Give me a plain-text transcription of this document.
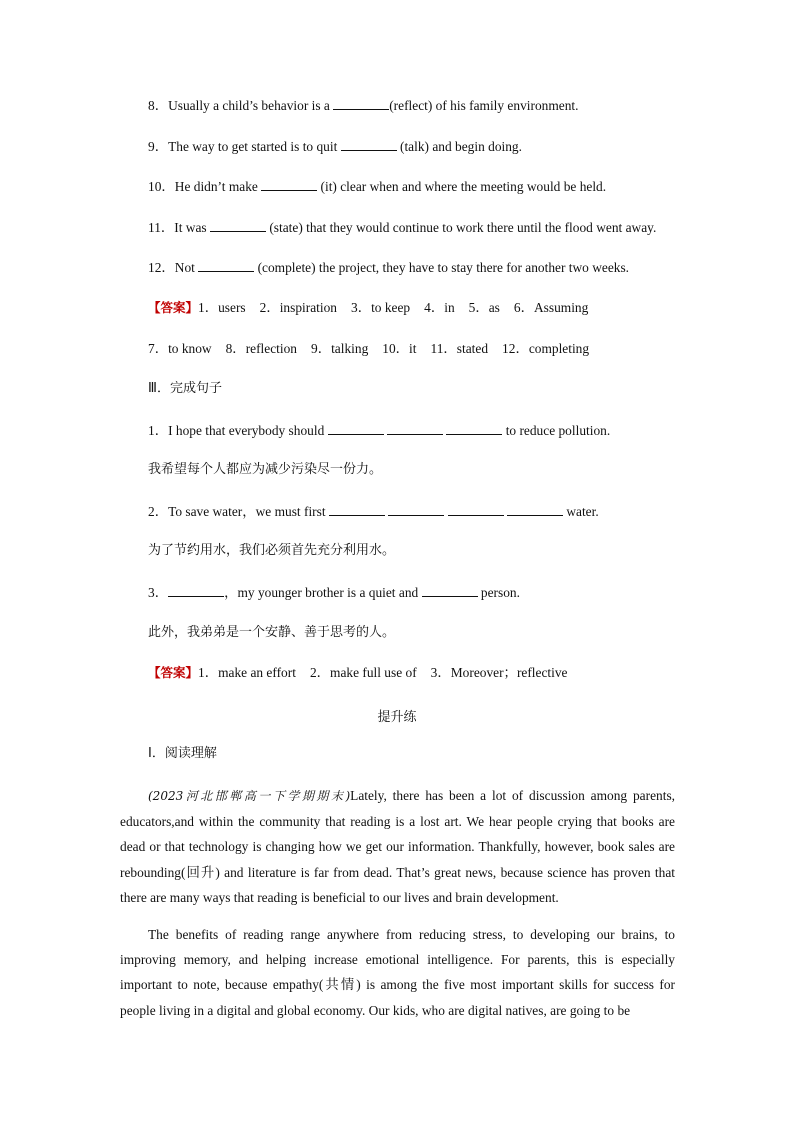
8．Usually a child’s behavior is a	(reflect) of his family environment.
9．The way to get started is to quit	(talk) and begin doing.
10．He didn’t make	(it) clear when and where the meeting would be held.
11．It was	(state) that they would continue to work there until the flood went away.
12．Not	(complete) the project, they have to stay there for another two weeks.
【答案】1．users 2．inspiration 3．to keep 4．in 5．as 6．Assuming
7．to know 8．reflection 9．talking 10．it 11．stated 12．completing
Ⅲ．完成句子
1．I hope that everybody should	to reduce pollution.
我希望每个人都应为减少污染尽一份力。
2．To save water，we must first	water.
为了节约用水，我们必须首先充分利用水。
3．	，my younger brother is a quiet and	person.
此外，我弟弟是一个安静、善于思考的人。
【答案】1．make an effort 2．make full use of 3．Moreover；reflective
提升练
Ⅰ．阅读理解
(2023河北邯郸高一下学期期末)Lately, there has been a lot of discussion among parents, educators,and within the community that reading is a lost art. We hear people crying that books are dead or that technology is changing how we get our information. Thankfully, however, book sales are rebounding(回升) and literature is far from dead. That’s great news, because science has proven that there are many ways that reading is beneficial to our lives and brain development.
The benefits of reading range anywhere from reducing stress, to developing our brains, to improving memory, and helping increase emotional intelligence. For parents, this is especially important to note, because empathy(共情) is among the five most important skills for success for people living in a digital and global economy. Our kids, who are digital natives, are going to be
